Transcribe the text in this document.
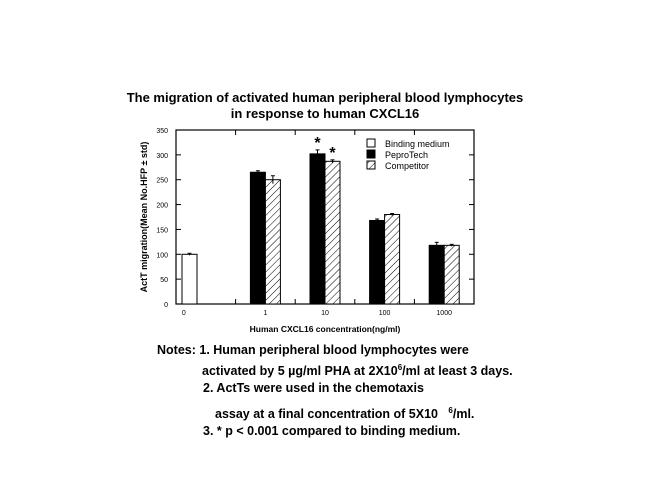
The migration of activated human peripheral blood lymphocytes
in response to human CXCL16
0
50
100
150
200
250
300
350
0	1	10	100	1000
*
*
Binding medium
PeproTech
Competitor
Human CXCL16 concentration(ng/ml)
ActT migration(Mean No.HFP ± std)
Notes: 1. Human peripheral blood lymphocytes were
activated by 5 µg/ml PHA at $2X10^6/ml$ at least 3 days.
2. ActTs were used in the chemotaxis
assay at a final concentration of 5X10 $^6$/ml.
3. * p < 0.001 compared to binding medium.
